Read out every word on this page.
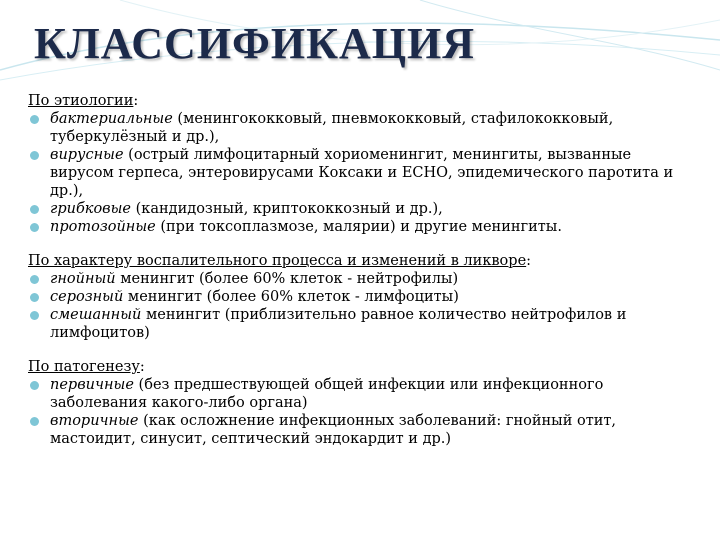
КЛАССИФИКАЦИЯ

По этиологии:

бактериальные (менингококковый, пневмококковый, стафилококковый, туберкулёзный и др.),
вирусные (острый лимфоцитарный хориоменингит, менингиты, вызванные вирусом герпеса, энтеровирусами Коксаки и ЕСНО, эпидемического паротита и др.),
грибковые (кандидозный, криптококкозный и др.),
протозойные (при токсоплазмозе, малярии) и другие менингиты.

По характеру воспалительного процесса и изменений в ликворе:

гнойный менингит (более 60% клеток - нейтрофилы)
серозный менингит (более 60% клеток - лимфоциты)
смешанный менингит (приблизительно равное количество нейтрофилов и лимфоцитов)

По патогенезу:

первичные (без предшествующей общей инфекции или инфекционного заболевания какого-либо органа)
вторичные (как осложнение инфекционных заболеваний: гнойный отит, мастоидит, синусит, септический эндокардит и др.)
